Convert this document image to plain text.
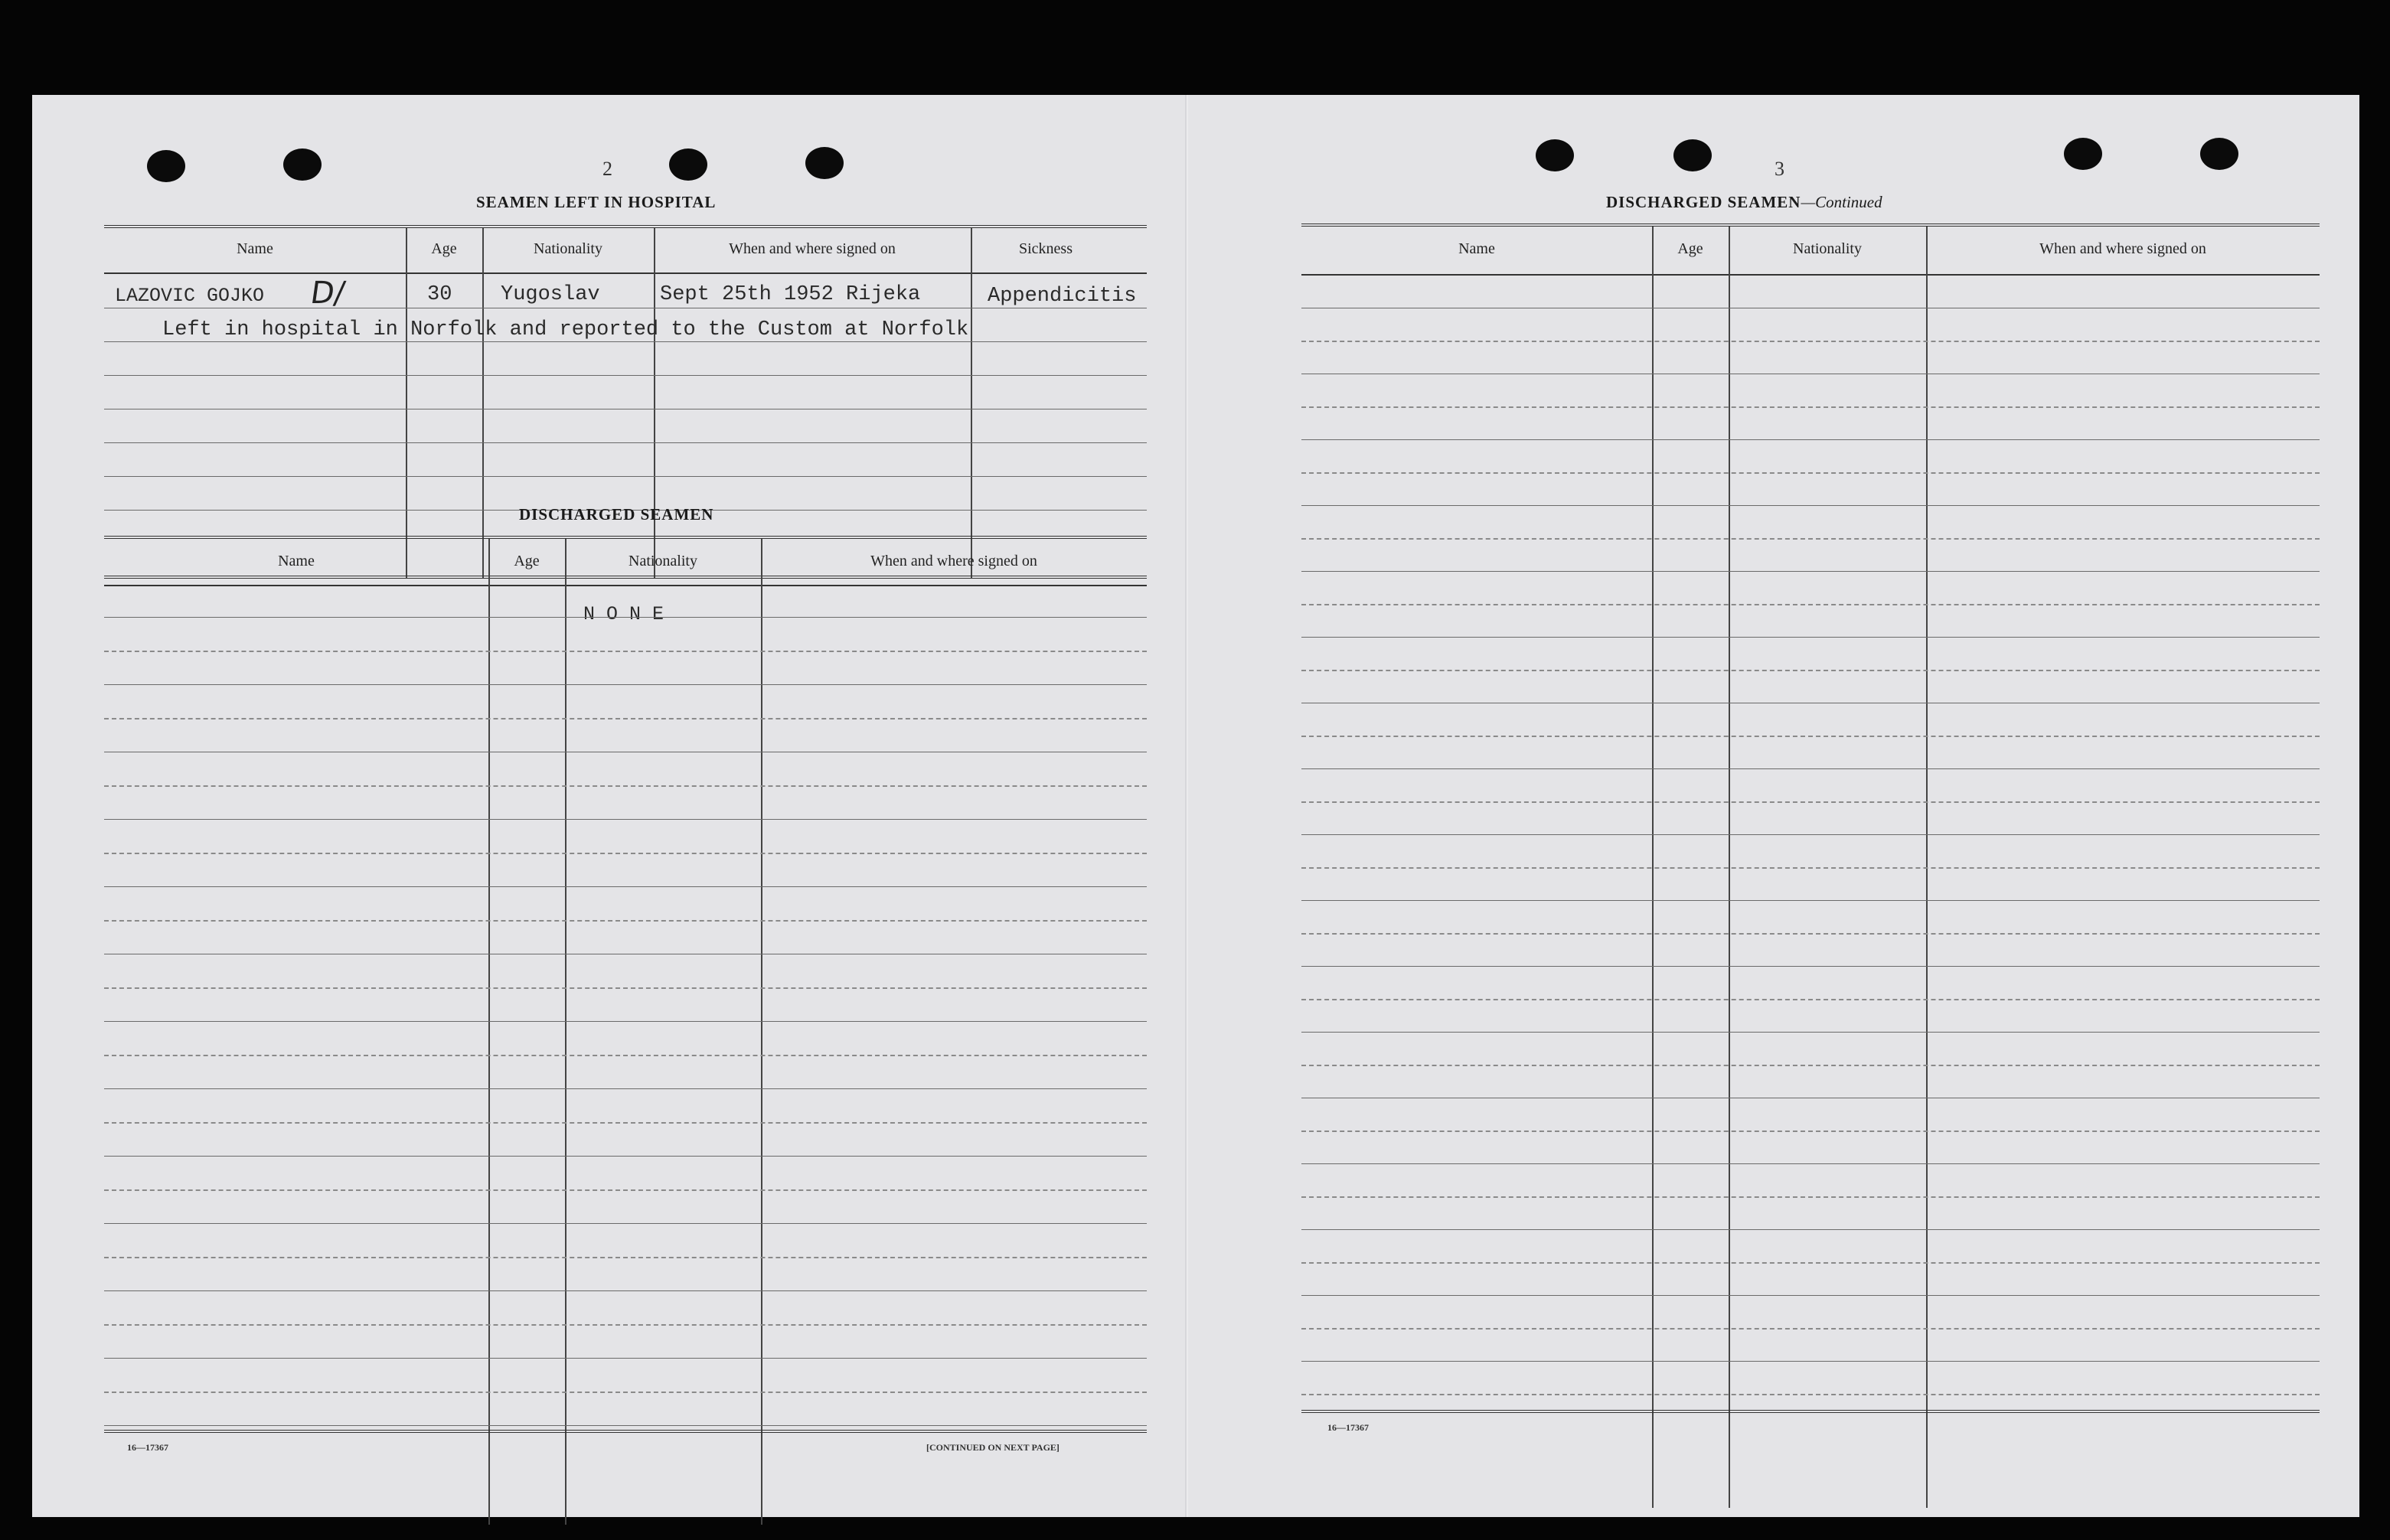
2
SEAMEN LEFT IN HOSPITAL
Name	Age	Nationality	When and where signed on	Sickness
LAZOVIC GOJKO D/	30 Yugoslav	Sept 25th 1952 Rijeka	Appendicitis
Left in hospital in Norfolk and reported to the Custom at Norfolk
DISCHARGED SEAMEN
Name	Age	Nationality	When and where signed on
N O N E
16—17367	[CONTINUED ON NEXT PAGE]
3
DISCHARGED SEAMEN—Continued
Name	Age	Nationality	When and where signed on
16—17367
